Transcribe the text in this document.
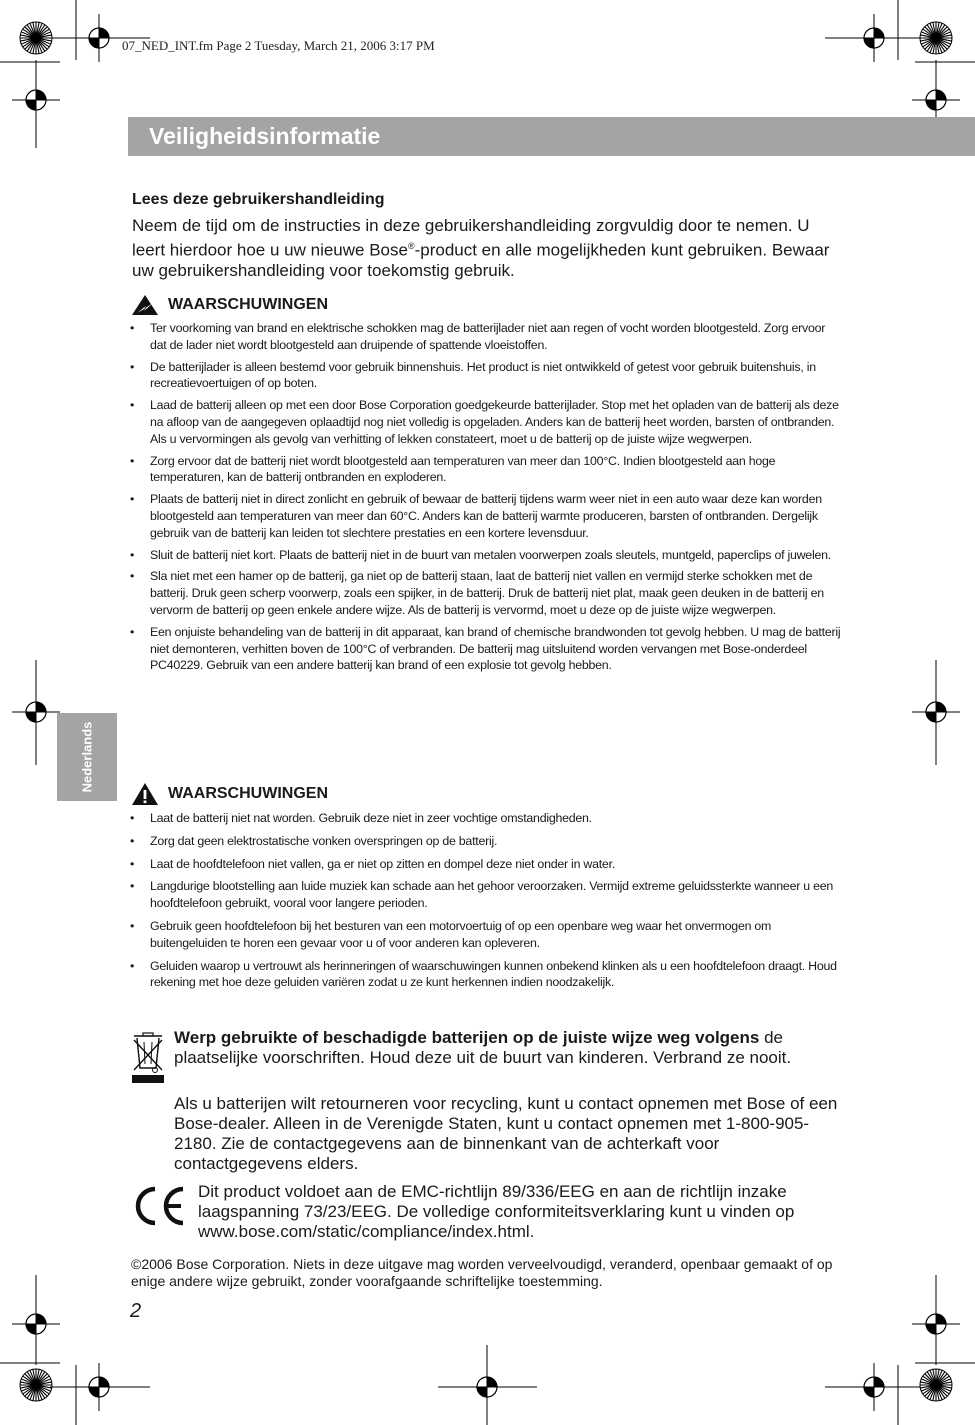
07_NED_INT.fm Page 2 Tuesday, March 21, 2006 3:17 PM
Veiligheidsinformatie
Nederlands
Lees deze gebruikershandleiding
Neem de tijd om de instructies in deze gebruikershandleiding zorgvuldig door te nemen. U leert hierdoor hoe u uw nieuwe Bose®-product en alle mogelijkheden kunt gebruiken. Bewaar uw gebruikershandleiding voor toekomstig gebruik.
WAARSCHUWINGEN
• Ter voorkoming van brand en elektrische schokken mag de batterijlader niet aan regen of vocht worden blootgesteld. Zorg ervoor dat de lader niet wordt blootgesteld aan druipende of spattende vloeistoffen.
• De batterijlader is alleen bestemd voor gebruik binnenshuis. Het product is niet ontwikkeld of getest voor gebruik buitenshuis, in recreatievoertuigen of op boten.
• Laad de batterij alleen op met een door Bose Corporation goedgekeurde batterijlader. Stop met het opladen van de batterij als deze na afloop van de aangegeven oplaadtijd nog niet volledig is opgeladen. Anders kan de batterij heet worden, barsten of ontbranden. Als u vervormingen als gevolg van verhitting of lekken constateert, moet u de batterij op de juiste wijze wegwerpen.
• Zorg ervoor dat de batterij niet wordt blootgesteld aan temperaturen van meer dan 100°C. Indien blootgesteld aan hoge temperaturen, kan de batterij ontbranden en exploderen.
• Plaats de batterij niet in direct zonlicht en gebruik of bewaar de batterij tijdens warm weer niet in een auto waar deze kan worden blootgesteld aan temperaturen van meer dan 60°C. Anders kan de batterij warmte produceren, barsten of ontbranden. Dergelijk gebruik van de batterij kan leiden tot slechtere prestaties en een kortere levensduur.
• Sluit de batterij niet kort. Plaats de batterij niet in de buurt van metalen voorwerpen zoals sleutels, muntgeld, paperclips of juwelen.
• Sla niet met een hamer op de batterij, ga niet op de batterij staan, laat de batterij niet vallen en vermijd sterke schokken met de batterij. Druk geen scherp voorwerp, zoals een spijker, in de batterij. Druk de batterij niet plat, maak geen deuken in de batterij en vervorm de batterij op geen enkele andere wijze. Als de batterij is vervormd, moet u deze op de juiste wijze wegwerpen.
• Een onjuiste behandeling van de batterij in dit apparaat, kan brand of chemische brandwonden tot gevolg hebben. U mag de batterij niet demonteren, verhitten boven de 100°C of verbranden. De batterij mag uitsluitend worden vervangen met Bose-onderdeel PC40229. Gebruik van een andere batterij kan brand of een explosie tot gevolg hebben.
WAARSCHUWINGEN
• Laat de batterij niet nat worden. Gebruik deze niet in zeer vochtige omstandigheden.
• Zorg dat geen elektrostatische vonken overspringen op de batterij.
• Laat de hoofdtelefoon niet vallen, ga er niet op zitten en dompel deze niet onder in water.
• Langdurige blootstelling aan luide muziek kan schade aan het gehoor veroorzaken. Vermijd extreme geluidssterkte wanneer u een hoofdtelefoon gebruikt, vooral voor langere perioden.
• Gebruik geen hoofdtelefoon bij het besturen van een motorvoertuig of op een openbare weg waar het onvermogen om buitengeluiden te horen een gevaar voor u of voor anderen kan opleveren.
• Geluiden waarop u vertrouwt als herinneringen of waarschuwingen kunnen onbekend klinken als u een hoofdtelefoon draagt. Houd rekening met hoe deze geluiden variëren zodat u ze kunt herkennen indien noodzakelijk.
Werp gebruikte of beschadigde batterijen op de juiste wijze weg volgens de plaatselijke voorschriften. Houd deze uit de buurt van kinderen. Verbrand ze nooit.
Als u batterijen wilt retourneren voor recycling, kunt u contact opnemen met Bose of een Bose-dealer. Alleen in de Verenigde Staten, kunt u contact opnemen met 1-800-905-2180. Zie de contactgegevens aan de binnenkant van de achterkaft voor contactgegevens elders.
Dit product voldoet aan de EMC-richtlijn 89/336/EEG en aan de richtlijn inzake laagspanning 73/23/EEG. De volledige conformiteitsverklaring kunt u vinden op www.bose.com/static/compliance/index.html.
©2006 Bose Corporation. Niets in deze uitgave mag worden verveelvoudigd, veranderd, openbaar gemaakt of op enige andere wijze gebruikt, zonder voorafgaande schriftelijke toestemming.
2
